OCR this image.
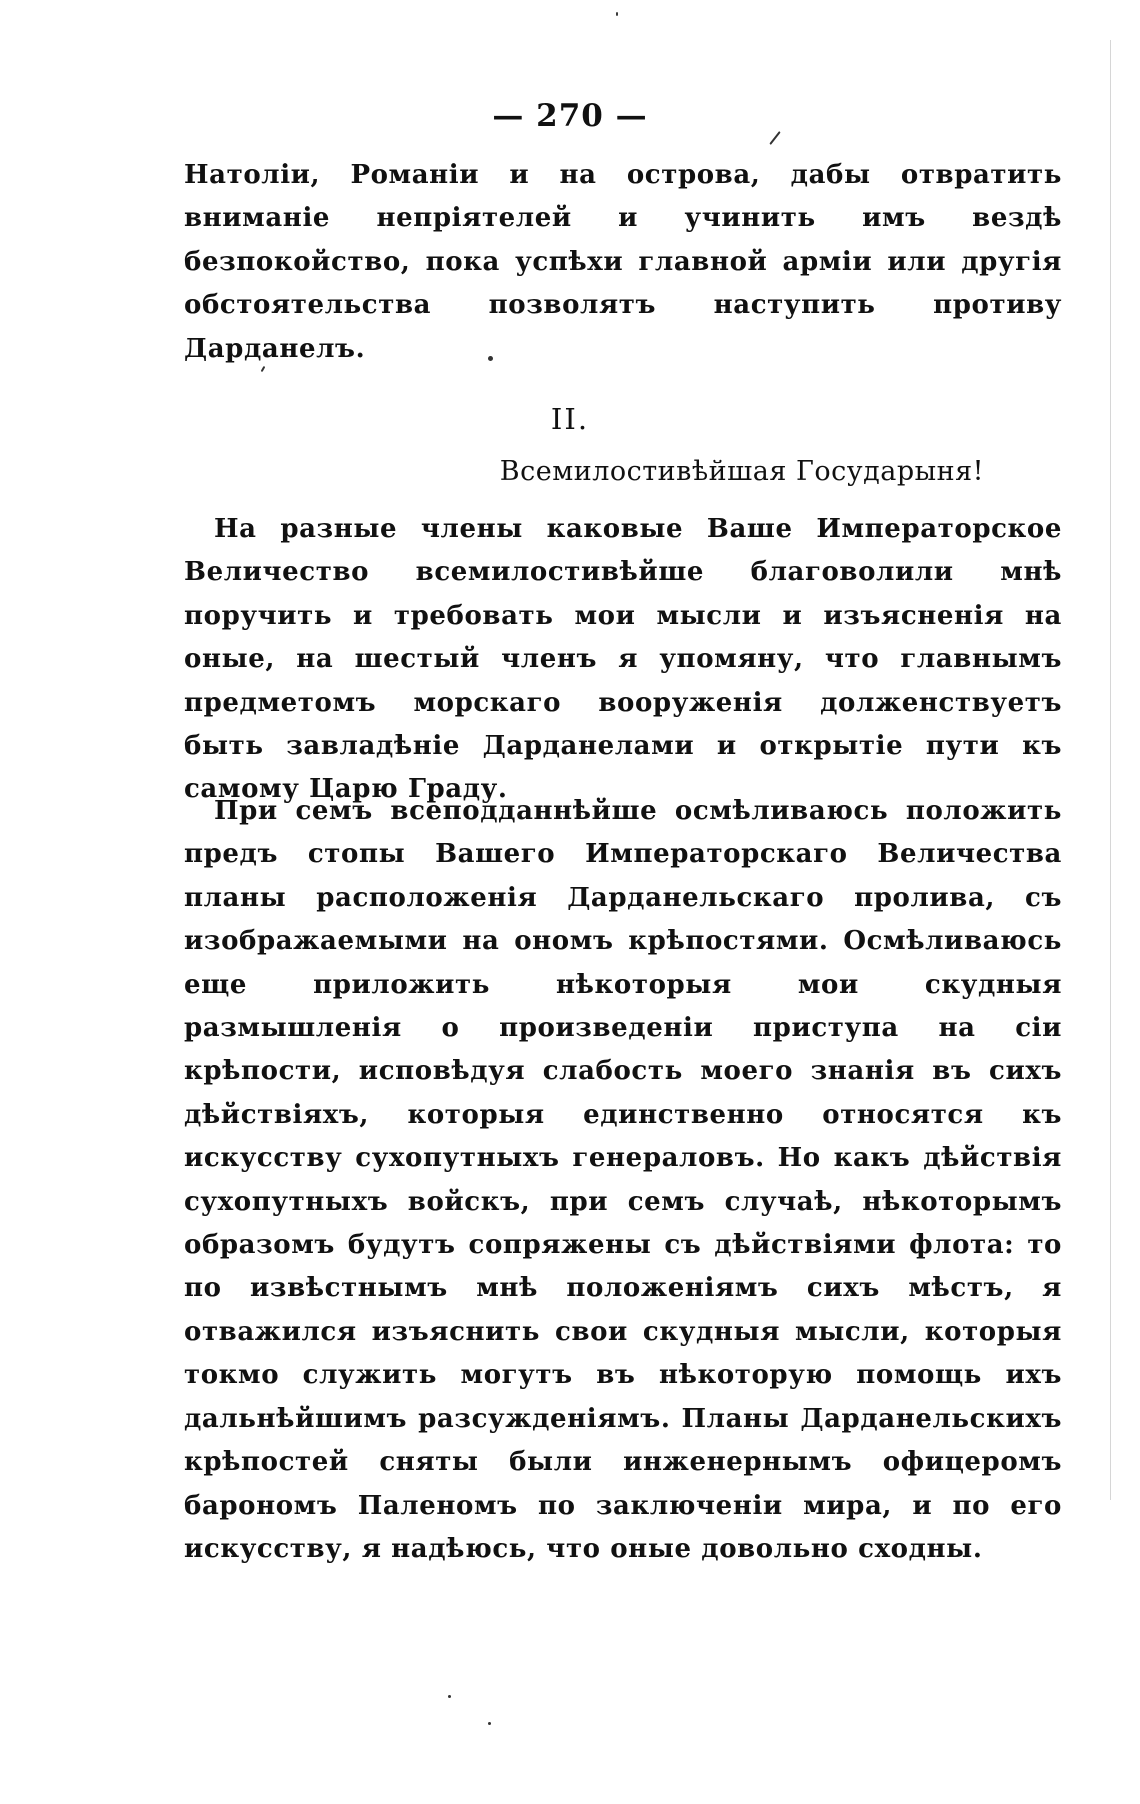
— 270 —

Натоліи, Романіи и на острова, дабы отвратить вниманіе непріятелей и учинить имъ вездѣ безпокойство, пока успѣхи главной арміи или другія обстоятельства позволятъ наступить противу Дарданелъ.

II.
Всемилостивѣйшая Государыня!

На разные члены каковые Ваше Императорское Величество всемилостивѣйше благоволили мнѣ поручить и требовать мои мысли и изъясненія на оные, на шестый членъ я упомяну, что главнымъ предметомъ морскаго вооруженія долженствуетъ быть завладѣніе Дарданелами и открытіе пути къ самому Царю Граду.

При семъ всеподданнѣйше осмѣливаюсь положить предъ стопы Вашего Императорскаго Величества планы расположенія Дарданельскаго пролива, съ изображаемыми на ономъ крѣпостями. Осмѣливаюсь еще приложить нѣкоторыя мои скудныя размышленія о произведеніи приступа на сіи крѣпости, исповѣдуя слабость моего знанія въ сихъ дѣйствіяхъ, которыя единственно относятся къ искусству сухопутныхъ генераловъ. Но какъ дѣйствія сухопутныхъ войскъ, при семъ случаѣ, нѣкоторымъ образомъ будутъ сопряжены съ дѣйствіями флота: то по извѣстнымъ мнѣ положеніямъ сихъ мѣстъ, я отважился изъяснить свои скудныя мысли, которыя токмо служить могутъ въ нѣкоторую помощь ихъ дальнѣйшимъ разсужденіямъ. Планы Дарданельскихъ крѣпостей сняты были инженернымъ офицеромъ барономъ Паленомъ по заключеніи мира, и по его искусству, я надѣюсь, что оные довольно сходны.
